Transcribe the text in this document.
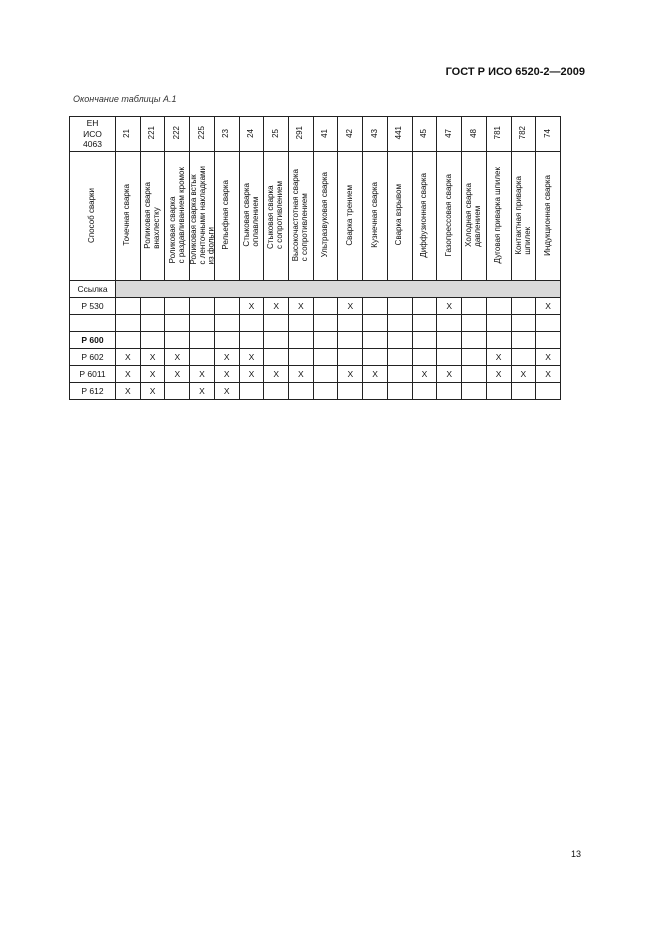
ГОСТ Р ИСО 6520-2—2009
Окончание таблицы А.1
ЕН
ИСО
4063	21	221	222	225	23	24	25	291	41	42	43	441	45	47	48	781	782	74
Способ сварки	Точечная сварка	Роликовая сварка
внахлестку	Роликовая сварка
с раздавливанием кромок	Роликовая сварка встык
с ленточными накладками
из фольги	Рельефная сварка	Стыковая сварка
оплавлением	Стыковая сварка
с сопротивлением	Высокочастотная сварка
с сопротивлением	Ультразвуковая сварка	Сварка трением	Кузнечная сварка	Сварка взрывом	Диффузионная сварка	Газопрессовая сварка	Холодная сварка
давлением	Дуговая приварка шпилек	Контактная приварка
шпилек	Индукционная сварка
Ссылка																		
Р 530						X	X	X		X				X				X

Р 600																		
Р 602	X	X	X		X	X										X		X
Р 6011	X	X	X	X	X	X	X	X		X	X		X	X		X	X	X
Р 612	X	X		X	X													
13
